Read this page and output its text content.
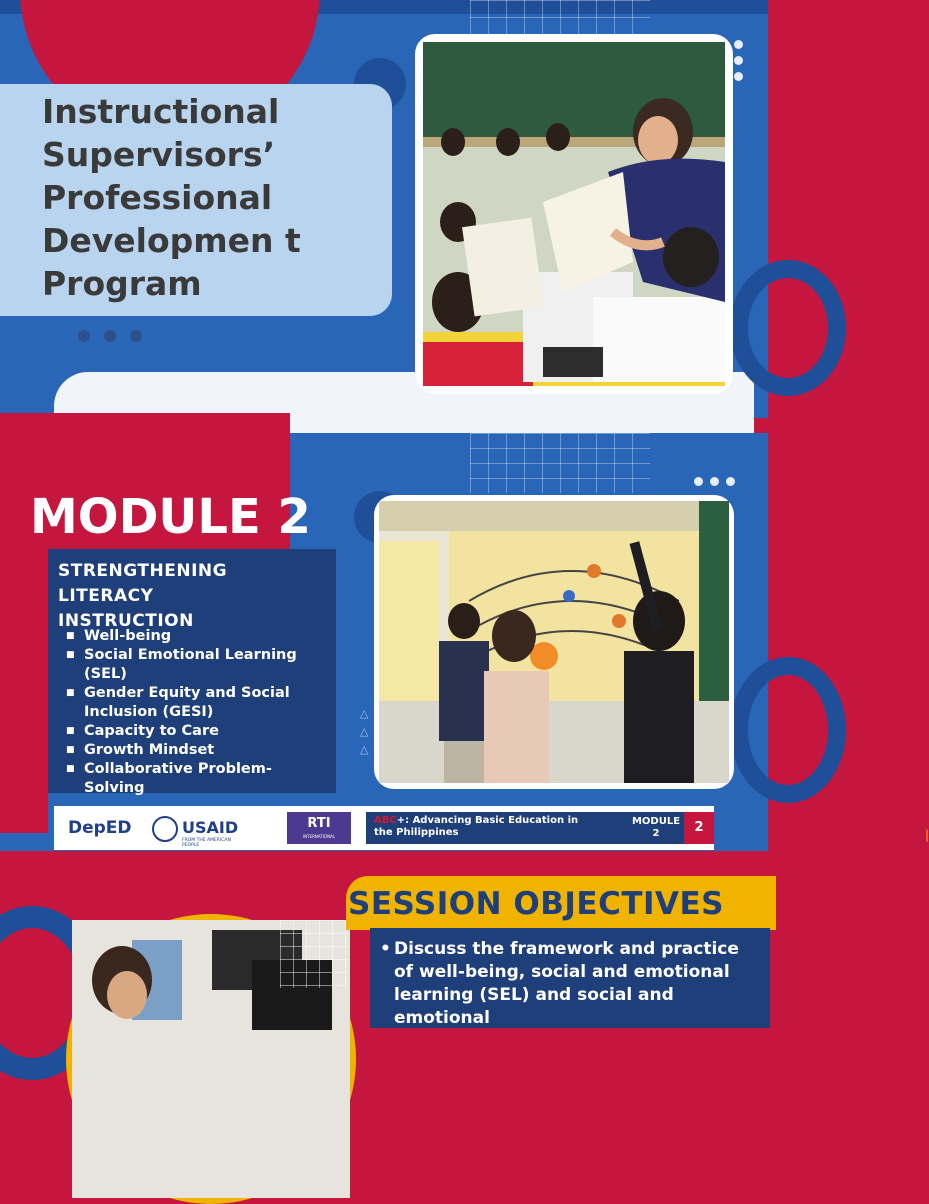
Instructional Supervisors’ Professional Developmen t Program
MODULE 2
STRENGTHENING LITERACY INSTRUCTION
■ Well-being
■ Social Emotional Learning (SEL)
■ Gender Equity and Social Inclusion (GESI)
■ Capacity to Care
■ Growth Mindset
■ Collaborative Problem-Solving
△
△
△
DepED	USAID
FROM THE AMERICAN PEOPLE
RTI
INTERNATIONAL
ABC+: Advancing Basic Education in the Philippines	|
MODULE 2	2
SESSION OBJECTIVES
• Discuss the framework and practice of well-being, social and emotional learning (SEL) and social and emotional
